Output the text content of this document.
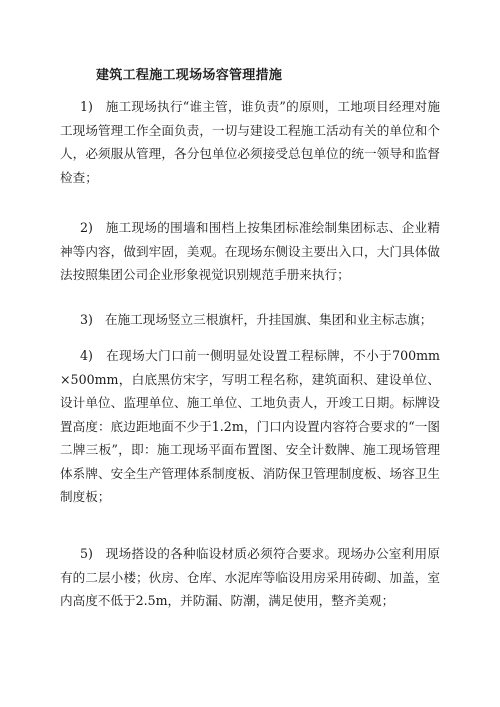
建筑工程施工现场场容管理措施

1) 施工现场执行“谁主管，谁负责”的原则，工地项目经理对施工现场管理工作全面负责，一切与建设工程施工活动有关的单位和个人，必须服从管理，各分包单位必须接受总包单位的统一领导和监督检查；

2) 施工现场的围墙和围档上按集团标准绘制集团标志、企业精神等内容，做到牢固，美观。在现场东侧设主要出入口，大门具体做法按照集团公司企业形象视觉识别规范手册来执行；

3) 在施工现场竖立三根旗杆，升挂国旗、集团和业主标志旗；

4) 在现场大门口前一侧明显处设置工程标牌，不小于700mm×500mm，白底黑仿宋字，写明工程名称，建筑面积、建设单位、设计单位、监理单位、施工单位、工地负责人，开竣工日期。标牌设置高度：底边距地面不少于1.2m，门口内设置内容符合要求的“一图二牌三板”，即：施工现场平面布置图、安全计数牌、施工现场管理体系牌、安全生产管理体系制度板、消防保卫管理制度板、场容卫生制度板；

5) 现场搭设的各种临设材质必须符合要求。现场办公室利用原有的二层小楼；伙房、仓库、水泥库等临设用房采用砖砌、加盖，室内高度不低于2.5m，并防漏、防潮，满足使用，整齐美观；
